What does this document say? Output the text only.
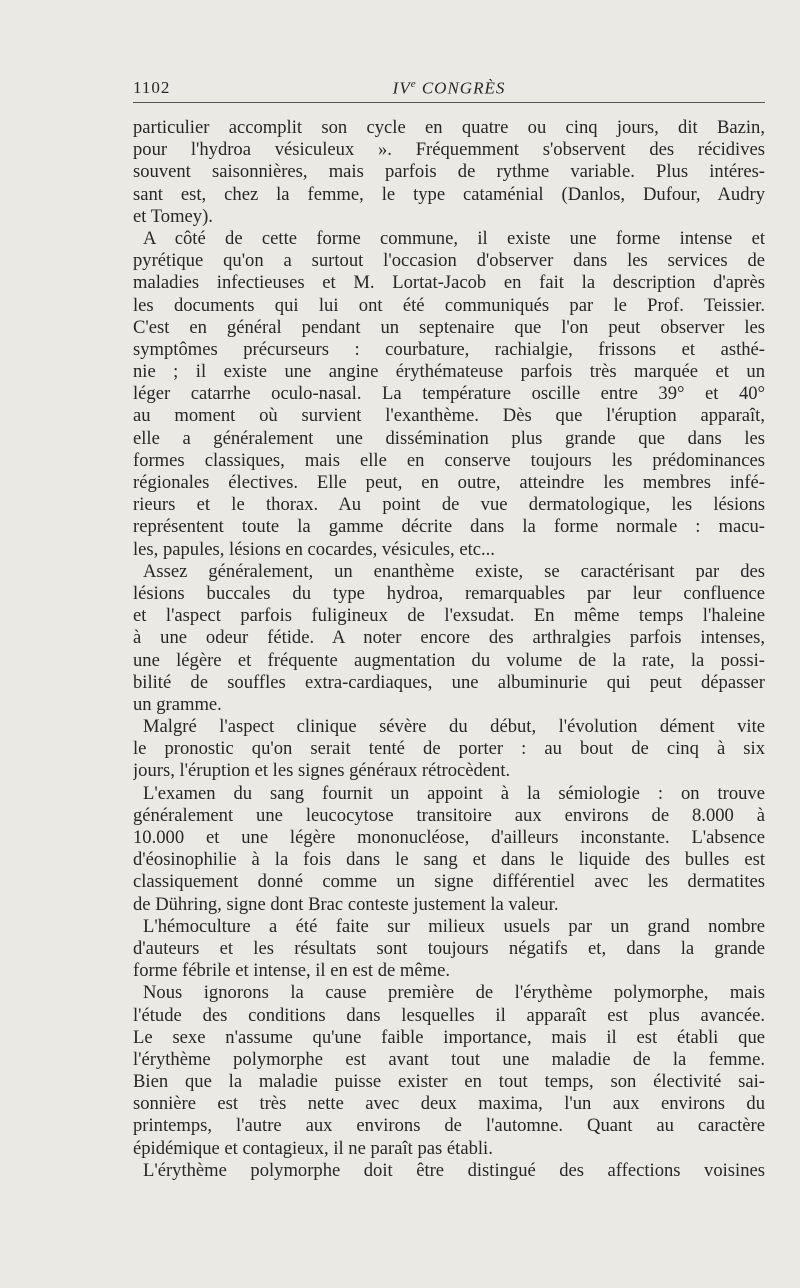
1102	IVe CONGRÈS
particulier accomplit son cycle en quatre ou cinq jours, dit Bazin,
pour l'hydroa vésiculeux ». Fréquemment s'observent des récidives
souvent saisonnières, mais parfois de rythme variable. Plus intéres-
sant est, chez la femme, le type cataménial (Danlos, Dufour, Audry
et Tomey).
A côté de cette forme commune, il existe une forme intense et
pyrétique qu'on a surtout l'occasion d'observer dans les services de
maladies infectieuses et M. Lortat-Jacob en fait la description d'après
les documents qui lui ont été communiqués par le Prof. Teissier.
C'est en général pendant un septenaire que l'on peut observer les
symptômes précurseurs : courbature, rachialgie, frissons et asthé-
nie ; il existe une angine érythémateuse parfois très marquée et un
léger catarrhe oculo-nasal. La température oscille entre 39° et 40°
au moment où survient l'exanthème. Dès que l'éruption apparaît,
elle a généralement une dissémination plus grande que dans les
formes classiques, mais elle en conserve toujours les prédominances
régionales électives. Elle peut, en outre, atteindre les membres infé-
rieurs et le thorax. Au point de vue dermatologique, les lésions
représentent toute la gamme décrite dans la forme normale : macu-
les, papules, lésions en cocardes, vésicules, etc...
Assez généralement, un enanthème existe, se caractérisant par des
lésions buccales du type hydroa, remarquables par leur confluence
et l'aspect parfois fuligineux de l'exsudat. En même temps l'haleine
à une odeur fétide. A noter encore des arthralgies parfois intenses,
une légère et fréquente augmentation du volume de la rate, la possi-
bilité de souffles extra-cardiaques, une albuminurie qui peut dépasser
un gramme.
Malgré l'aspect clinique sévère du début, l'évolution dément vite
le pronostic qu'on serait tenté de porter : au bout de cinq à six
jours, l'éruption et les signes généraux rétrocèdent.
L'examen du sang fournit un appoint à la sémiologie : on trouve
généralement une leucocytose transitoire aux environs de 8.000 à
10.000 et une légère mononucléose, d'ailleurs inconstante. L'absence
d'éosinophilie à la fois dans le sang et dans le liquide des bulles est
classiquement donné comme un signe différentiel avec les dermatites
de Dühring, signe dont Brac conteste justement la valeur.
L'hémoculture a été faite sur milieux usuels par un grand nombre
d'auteurs et les résultats sont toujours négatifs et, dans la grande
forme fébrile et intense, il en est de même.
Nous ignorons la cause première de l'érythème polymorphe, mais
l'étude des conditions dans lesquelles il apparaît est plus avancée.
Le sexe n'assume qu'une faible importance, mais il est établi que
l'érythème polymorphe est avant tout une maladie de la femme.
Bien que la maladie puisse exister en tout temps, son électivité sai-
sonnière est très nette avec deux maxima, l'un aux environs du
printemps, l'autre aux environs de l'automne. Quant au caractère
épidémique et contagieux, il ne paraît pas établi.
L'érythème polymorphe doit être distingué des affections voisines
